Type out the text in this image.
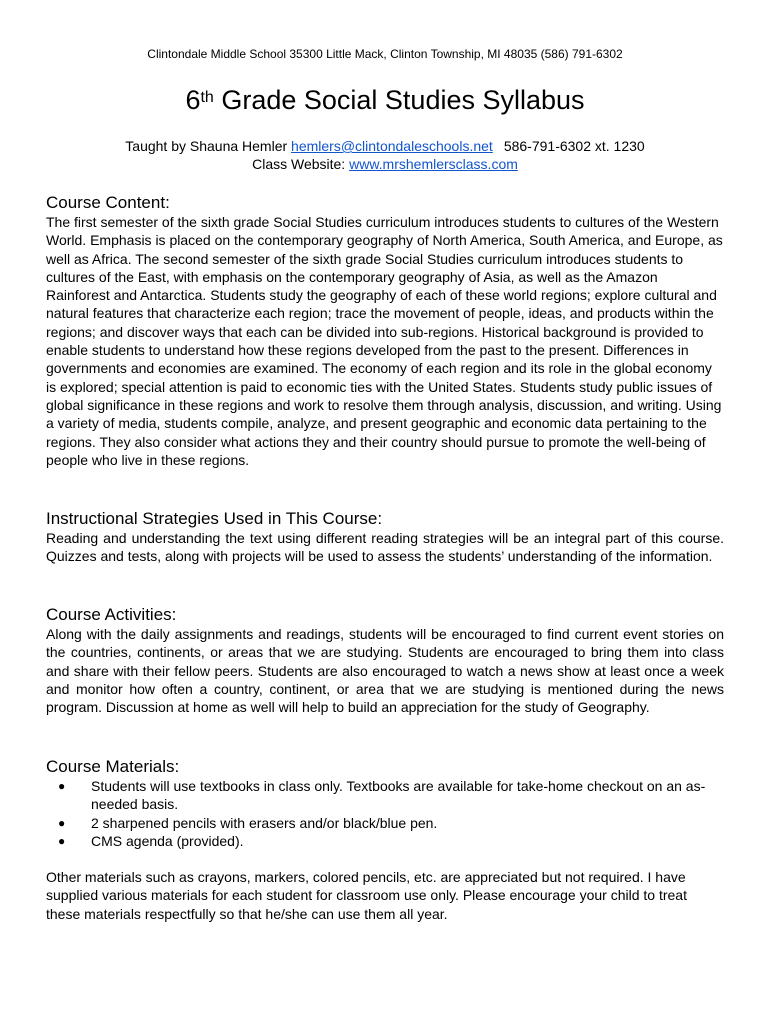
Clintondale Middle School 35300 Little Mack, Clinton Township, MI 48035 (586) 791-6302
6th Grade Social Studies Syllabus
Taught by Shauna Hemler hemlers@clintondaleschools.net 586-791-6302 xt. 1230
Class Website: www.mrshemlersclass.com
Course Content:

The first semester of the sixth grade Social Studies curriculum introduces students to cultures of the Western World. Emphasis is placed on the contemporary geography of North America, South America, and Europe, as well as Africa. The second semester of the sixth grade Social Studies curriculum introduces students to cultures of the East, with emphasis on the contemporary geography of Asia, as well as the Amazon Rainforest and Antarctica. Students study the geography of each of these world regions; explore cultural and natural features that characterize each region; trace the movement of people, ideas, and products within the regions; and discover ways that each can be divided into sub-regions. Historical background is provided to enable students to understand how these regions developed from the past to the present. Differences in governments and economies are examined. The economy of each region and its role in the global economy is explored; special attention is paid to economic ties with the United States. Students study public issues of global significance in these regions and work to resolve them through analysis, discussion, and writing. Using a variety of media, students compile, analyze, and present geographic and economic data pertaining to the regions. They also consider what actions they and their country should pursue to promote the well-being of people who live in these regions.

Instructional Strategies Used in This Course:

Reading and understanding the text using different reading strategies will be an integral part of this course. Quizzes and tests, along with projects will be used to assess the students’ understanding of the information.

Course Activities:

Along with the daily assignments and readings, students will be encouraged to find current event stories on the countries, continents, or areas that we are studying. Students are encouraged to bring them into class and share with their fellow peers. Students are also encouraged to watch a news show at least once a week and monitor how often a country, continent, or area that we are studying is mentioned during the news program. Discussion at home as well will help to build an appreciation for the study of Geography.

Course Materials:
● Students will use textbooks in class only. Textbooks are available for take-home checkout on an as-needed basis.
● 2 sharpened pencils with erasers and/or black/blue pen.
● CMS agenda (provided).

Other materials such as crayons, markers, colored pencils, etc. are appreciated but not required. I have supplied various materials for each student for classroom use only. Please encourage your child to treat these materials respectfully so that he/she can use them all year.
